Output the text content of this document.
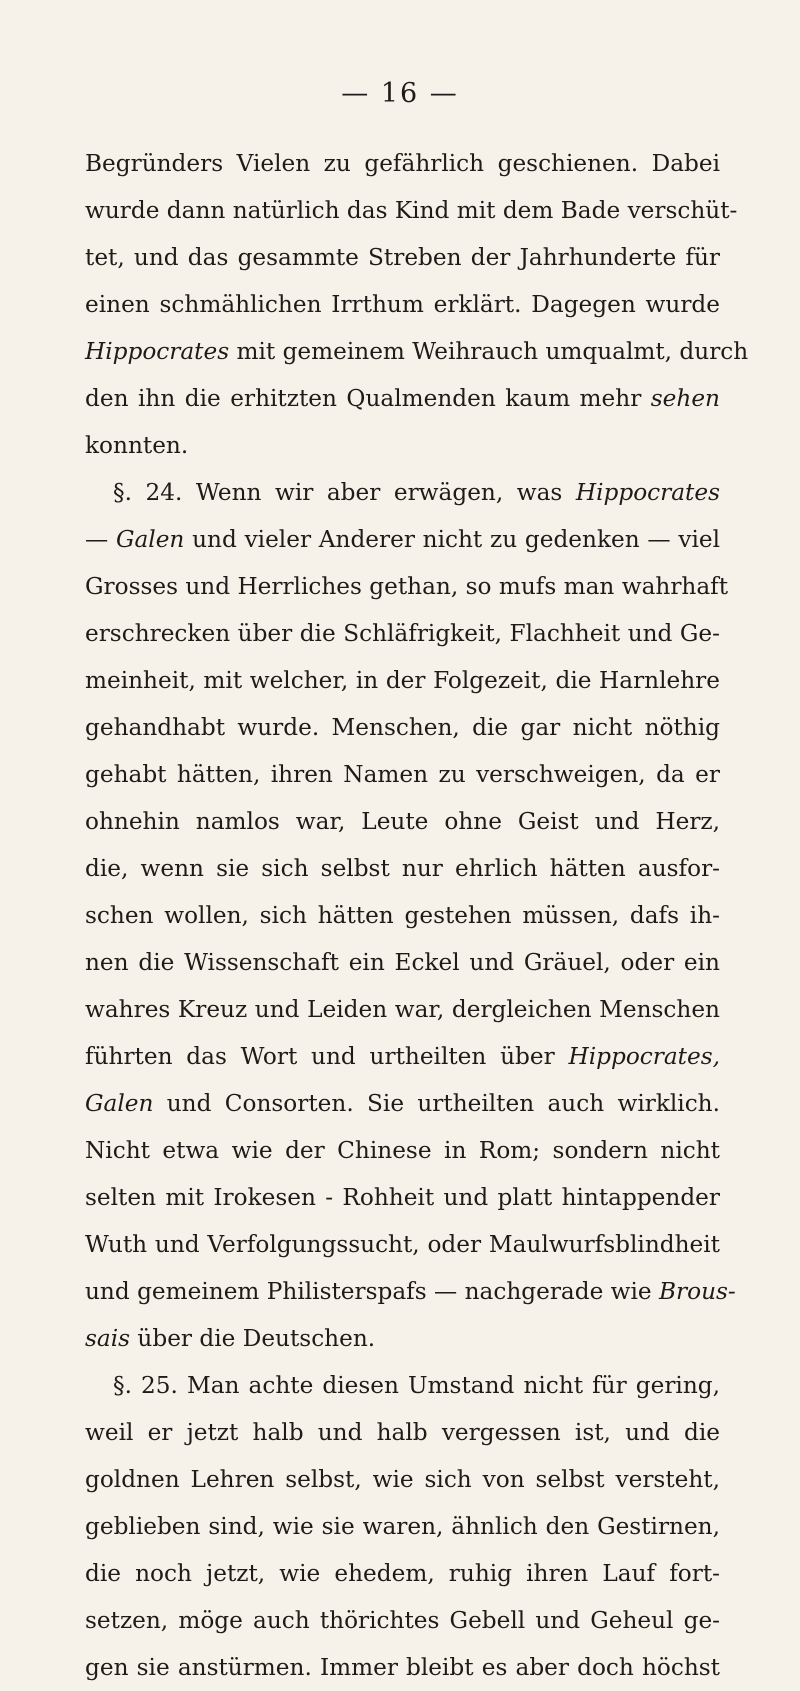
— 16 —
Begründers Vielen zu gefährlich geschienen. Dabei
wurde dann natürlich das Kind mit dem Bade verschüt-
tet, und das gesammte Streben der Jahrhunderte für
einen schmählichen Irrthum erklärt. Dagegen wurde
Hippocrates mit gemeinem Weihrauch umqualmt, durch
den ihn die erhitzten Qualmenden kaum mehr sehen
konnten.
§. 24. Wenn wir aber erwägen, was Hippocrates
— Galen und vieler Anderer nicht zu gedenken — viel
Grosses und Herrliches gethan, so mufs man wahrhaft
erschrecken über die Schläfrigkeit, Flachheit und Ge-
meinheit, mit welcher, in der Folgezeit, die Harnlehre
gehandhabt wurde. Menschen, die gar nicht nöthig
gehabt hätten, ihren Namen zu verschweigen, da er
ohnehin namlos war, Leute ohne Geist und Herz,
die, wenn sie sich selbst nur ehrlich hätten ausfor-
schen wollen, sich hätten gestehen müssen, dafs ih-
nen die Wissenschaft ein Eckel und Gräuel, oder ein
wahres Kreuz und Leiden war, dergleichen Menschen
führten das Wort und urtheilten über Hippocrates,
Galen und Consorten. Sie urtheilten auch wirklich.
Nicht etwa wie der Chinese in Rom; sondern nicht
selten mit Irokesen - Rohheit und platt hintappender
Wuth und Verfolgungssucht, oder Maulwurfsblindheit
und gemeinem Philisterspafs — nachgerade wie Brous-
sais über die Deutschen.
§. 25. Man achte diesen Umstand nicht für gering,
weil er jetzt halb und halb vergessen ist, und die
goldnen Lehren selbst, wie sich von selbst versteht,
geblieben sind, wie sie waren, ähnlich den Gestirnen,
die noch jetzt, wie ehedem, ruhig ihren Lauf fort-
setzen, möge auch thörichtes Gebell und Geheul ge-
gen sie anstürmen. Immer bleibt es aber doch höchst
